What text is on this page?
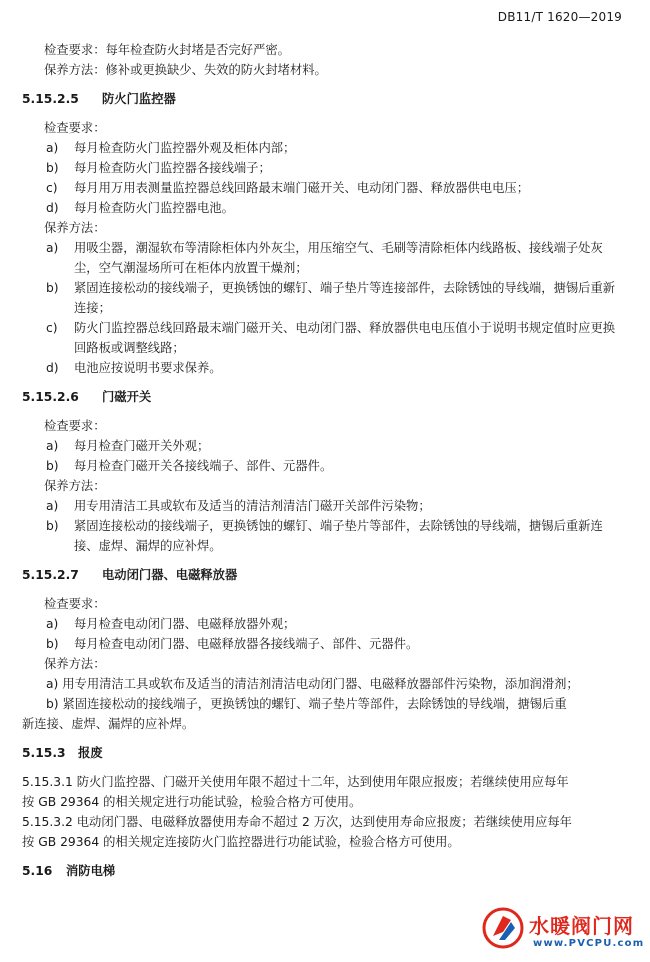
DB11/T 1620—2019
检查要求：每年检查防火封堵是否完好严密。
保养方法：修补或更换缺少、失效的防火封堵材料。
5.15.2.5 防火门监控器
检查要求：
a)	每月检查防火门监控器外观及柜体内部；
b)	每月检查防火门监控器各接线端子；
c)	每月用万用表测量监控器总线回路最末端门磁开关、电动闭门器、释放器供电电压；
d)	每月检查防火门监控器电池。
保养方法：
a)	用吸尘器，潮湿软布等清除柜体内外灰尘，用压缩空气、毛刷等清除柜体内线路板、接线端子处灰尘，空气潮湿场所可在柜体内放置干燥剂；
b)	紧固连接松动的接线端子，更换锈蚀的螺钉、端子垫片等连接部件，去除锈蚀的导线端，搪锡后重新连接；
c)	防火门监控器总线回路最末端门磁开关、电动闭门器、释放器供电电压值小于说明书规定值时应更换回路板或调整线路；
d)	电池应按说明书要求保养。
5.15.2.6 门磁开关
检查要求：
a)	每月检查门磁开关外观；
b)	每月检查门磁开关各接线端子、部件、元器件。
保养方法：
a)	用专用清洁工具或软布及适当的清洁剂清洁门磁开关部件污染物；
b)	紧固连接松动的接线端子，更换锈蚀的螺钉、端子垫片等部件，去除锈蚀的导线端，搪锡后重新连接、虚焊、漏焊的应补焊。
5.15.2.7 电动闭门器、电磁释放器
检查要求：
a)	每月检查电动闭门器、电磁释放器外观；
b)	每月检查电动闭门器、电磁释放器各接线端子、部件、元器件。
保养方法：
a) 用专用清洁工具或软布及适当的清洁剂清洁电动闭门器、电磁释放器部件污染物，添加润滑剂；
b) 紧固连接松动的接线端子，更换锈蚀的螺钉、端子垫片等部件，去除锈蚀的导线端，搪锡后重
新连接、虚焊、漏焊的应补焊。
5.15.3 报废
5.15.3.1 防火门监控器、门磁开关使用年限不超过十二年，达到使用年限应报废；若继续使用应每年
按 GB 29364 的相关规定进行功能试验，检验合格方可使用。
5.15.3.2 电动闭门器、电磁释放器使用寿命不超过 2 万次，达到使用寿命应报废；若继续使用应每年
按 GB 29364 的相关规定连接防火门监控器进行功能试验，检验合格方可使用。
5.16 消防电梯
水暖阀门网
www.PVCPU.com
